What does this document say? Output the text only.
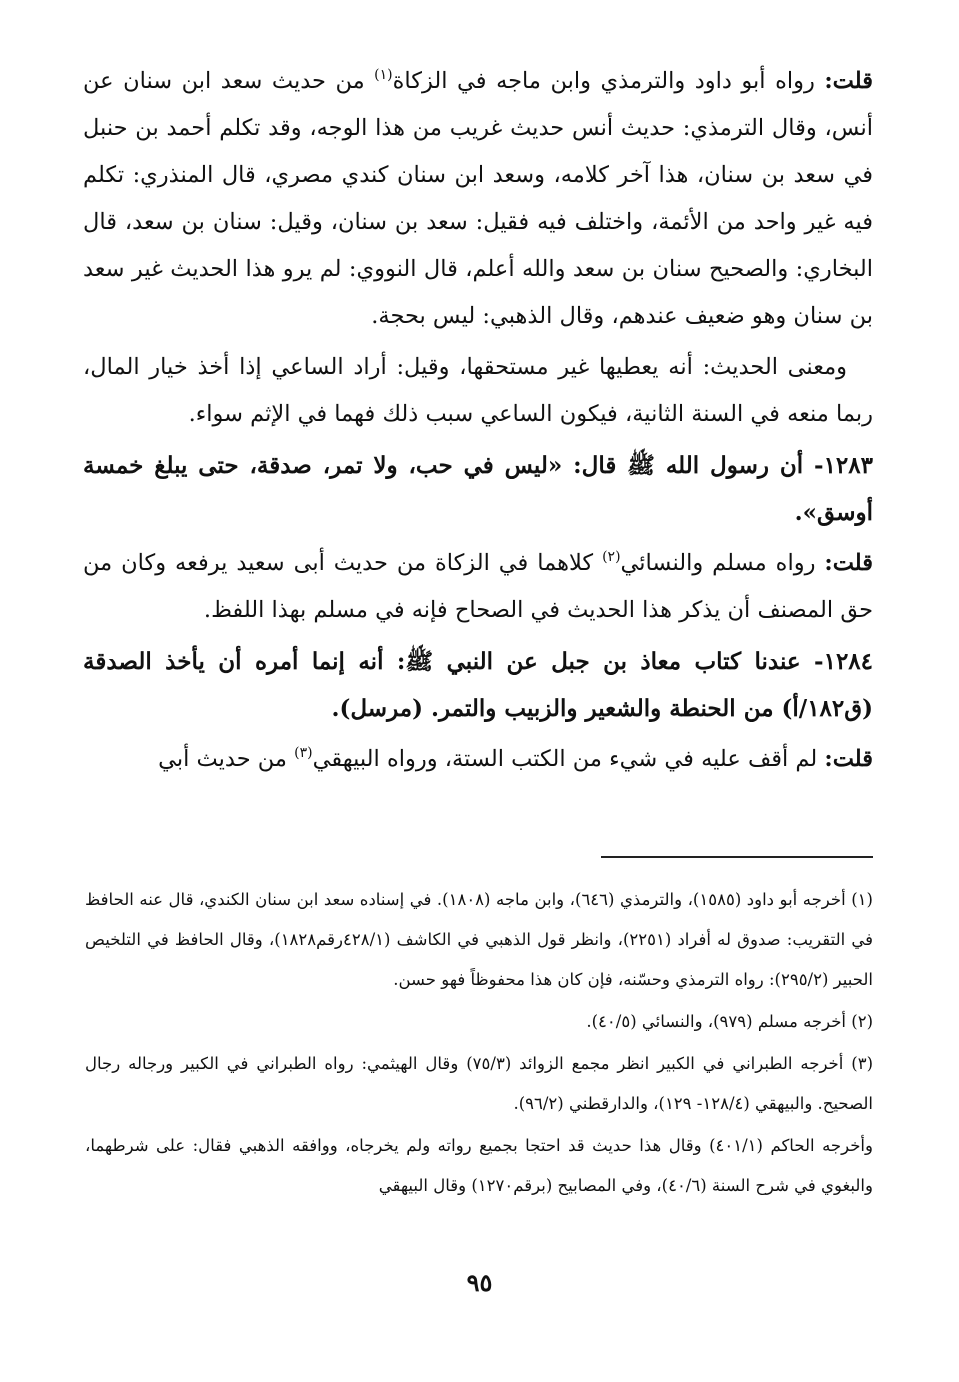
قلت: رواه أبو داود والترمذي وابن ماجه في الزكاة$^{(١)}$ من حديث سعد ابن سنان عن أنس، وقال الترمذي: حديث أنس حديث غريب من هذا الوجه، وقد تكلم أحمد بن حنبل في سعد بن سنان، هذا آخر كلامه، وسعد ابن سنان كندي مصري، قال المنذري: تكلم فيه غير واحد من الأئمة، واختلف فيه فقيل: سعد بن سنان، وقيل: سنان بن سعد، قال البخاري: والصحيح سنان بن سعد والله أعلم، قال النووي: لم يرو هذا الحديث غير سعد بن سنان وهو ضعيف عندهم، وقال الذهبي: ليس بحجة.

ومعنى الحديث: أنه يعطيها غير مستحقها، وقيل: أراد الساعي إذا أخذ خيار المال، ربما منعه في السنة الثانية، فيكون الساعي سبب ذلك فهما في الإثم سواء.

١٢٨٣- أن رسول الله ﷺ قال: «ليس في حب، ولا تمر، صدقة، حتى يبلغ خمسة أوسق».

قلت: رواه مسلم والنسائي$^{(٢)}$ كلاهما في الزكاة من حديث أبى سعيد يرفعه وكان من حق المصنف أن يذكر هذا الحديث في الصحاح فإنه في مسلم بهذا اللفظ.

١٢٨٤- عندنا كتاب معاذ بن جبل عن النبي ﷺ: أنه إنما أمره أن يأخذ الصدقة (ق١٨٢/أ) من الحنطة والشعير والزبيب والتمر. (مرسل).

قلت: لم أقف عليه في شيء من الكتب الستة، ورواه البيهقي$^{(٣)}$ من حديث أبي

(١) أخرجه أبو داود (١٥٨٥)، والترمذي (٦٤٦)، وابن ماجه (١٨٠٨). في إسناده سعد ابن سنان الكندي، قال عنه الحافظ في التقريب: صدوق له أفراد (٢٢٥١)، وانظر قول الذهبي في الكاشف (٤٢٨/١رقم١٨٢٨)، وقال الحافظ في التلخيص الحبير (٢٩٥/٢): رواه الترمذي وحسّنه، فإن كان هذا محفوظاً فهو حسن.

(٢) أخرجه مسلم (٩٧٩)، والنسائي (٤٠/٥).

(٣) أخرجه الطبراني في الكبير انظر مجمع الزوائد (٧٥/٣) وقال الهيثمي: رواه الطبراني في الكبير ورجاله رجال الصحيح. والبيهقي (١٢٨/٤- ١٢٩)، والدارقطني (٩٦/٢).

وأخرجه الحاكم (٤٠١/١) وقال هذا حديث قد احتجا بجميع رواته ولم يخرجاه، ووافقه الذهبي فقال: على شرطهما، والبغوي في شرح السنة (٤٠/٦)، وفي المصابيح (برقم١٢٧٠) وقال البيهقي

٩٥
